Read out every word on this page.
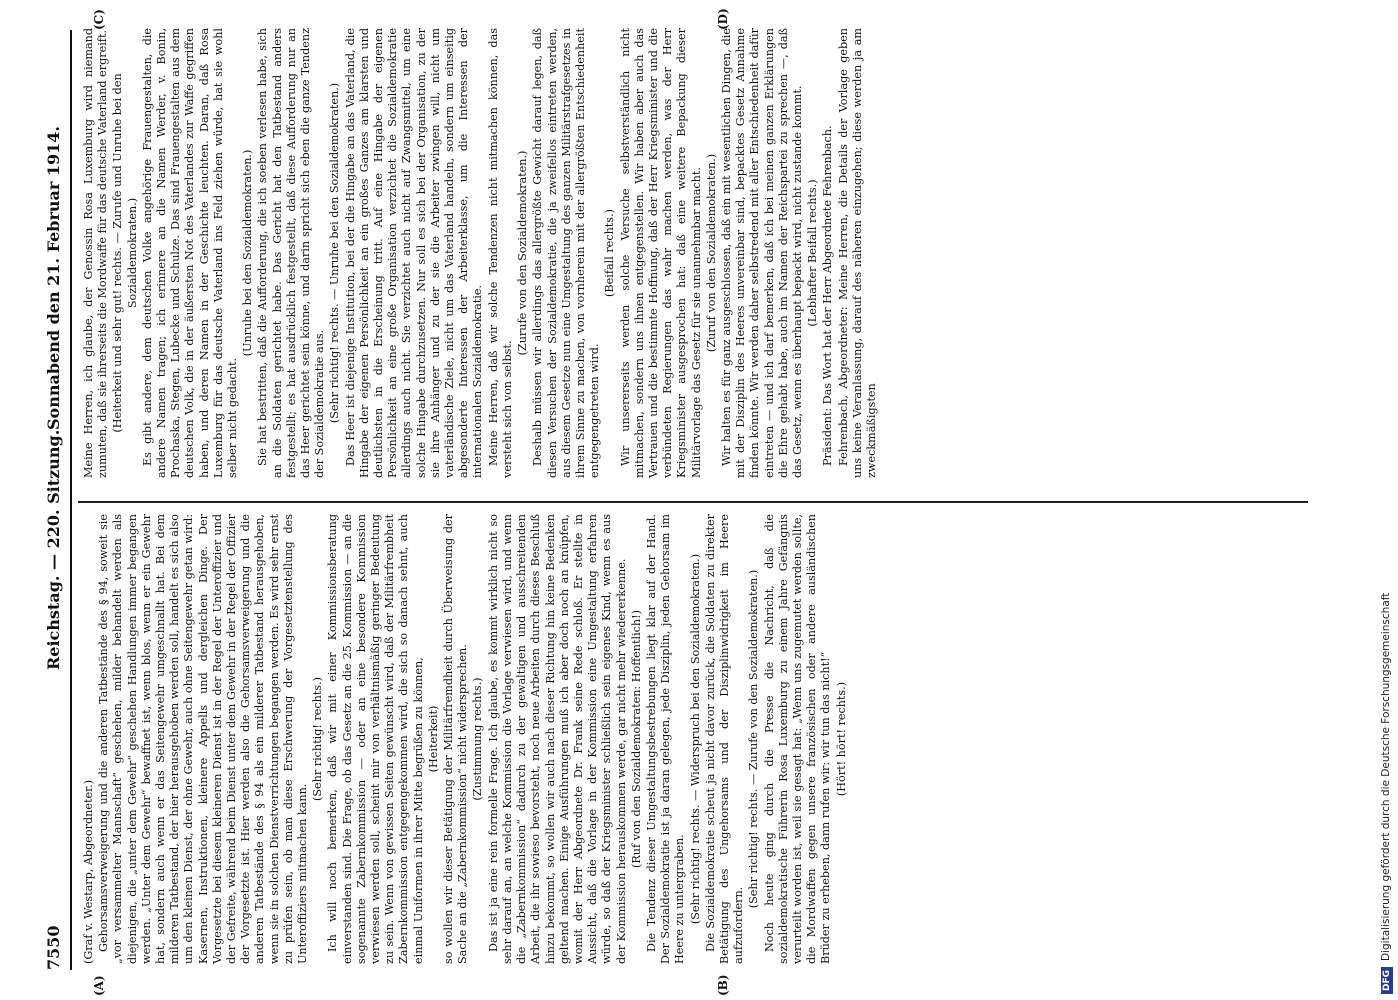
7550
Reichstag. — 220. Sitzung.
Sonnabend den 21. Februar 1914.
(A)	(B)
(C)	(D)

(Graf v. Westarp, Abgeordneter.) Gehorsamsverweigerung und die anderen Tatbestände des § 94, soweit sie „vor versammelter Mannschaft“ geschehen, milder behandelt werden als diejenigen, die „unter dem Gewehr“ geschehen Handlungen immer begangen werden. „Unter dem Gewehr“ bewaffnet ist, wenn blos, wenn er ein Gewehr hat, sondern auch wenn er das Seitengewehr umgeschnallt hat. Bei dem milderen Tatbestand, der hier herausgehoben werden soll, handelt es sich also um den kleinen Dienst, der ohne Gewehr, auch ohne Seitengewehr getan wird: Kasernen, Instruktionen, kleinere Appells und dergleichen Dinge. Der Vorgesetzte bei diesem kleineren Dienst ist in der Regel der Unteroffizier und der Gefreite, während beim Dienst unter dem Gewehr in der Regel der Offizier der Vorgesetzte ist. Hier werden also die Gehorsamsverweigerung und die anderen Tatbestände des § 94 als ein milderer Tatbestand herausgehoben, wenn sie in solchen Dienstverrichtungen begangen werden. Es wird sehr ernst zu prüfen sein, ob man diese Erschwerung der Vorgesetztenstellung des Unteroffiziers mitmachen kann.

(Sehr richtig! rechts.) Ich will noch bemerken, daß wir mit einer Kommissionsberatung einverstanden sind. Die Frage, ob das Gesetz an die 25. Kommission — an die sogenannte Zabernkommission — oder an eine besondere Kommission verwiesen werden soll, scheint mir von verhältnismäßig geringer Bedeutung zu sein. Wenn von gewissen Seiten gewünscht wird, daß der Militärfrembheit Zabernkommission entgegengekommen wird, die sich so danach sehnt, auch einmal Uniformen in ihrer Mitte begrüßen zu können, (Heiterkeit) so wollen wir dieser Betätigung der Militärfremdheit durch Überweisung der Sache an die „Zabernkommission“ nicht widersprechen. (Zustimmung rechts.) Das ist ja eine rein formelle Frage. Ich glaube, es kommt wirklich nicht so sehr darauf an, an welche Kommission die Vorlage verwiesen wird, und wenn die „Zabernkommission“ dadurch zu der gewaltigen und ausschreitenden Arbeit, die ihr sowieso bevorsteht, noch neue Arbeiten durch dieses Beschluß hinzu bekommt, so wollen wir auch nach dieser Richtung hin keine Bedenken geltend machen. Einige Ausführungen muß ich aber doch noch an knüpfen, womit der Herr Abgeordnete Dr. Frank seine Rede schloß. Er stellte in Aussicht, daß die Vorlage in der Kommission eine Umgestaltung erfahren würde, so daß der Kriegsminister schließlich sein eigenes Kind, wenn es aus der Kommission herauskommen werde, gar nicht mehr wiedererkenne. (Ruf von den Sozialdemokraten: Hoffentlich!) Die Tendenz dieser Umgestaltungsbestrebungen liegt klar auf der Hand. Der Sozialdemokratie ist ja daran gelegen, jede Disziplin, jeden Gehorsam im Heere zu untergraben. (Sehr richtig! rechts. — Widerspruch bei den Sozialdemokraten.) Die Sozialdemokratie scheut ja nicht davor zurück, die Soldaten zu direkter Betätigung des Ungehorsams und der Disziplinwidrigkeit im Heere aufzufordern.

(Sehr richtig! rechts. — Zurufe von den Sozialdemokraten.) Noch heute ging durch die Presse die Nachricht, daß die sozialdemokratische Führerin Rosa Luxemburg zu einem Jahre Gefängnis verurteilt worden ist, weil sie gesagt hat: „Wenn uns zugemutet werden sollte, die Mordwaffen gegen unsere französischen oder andere ausländischen Brüder zu erheben, dann rufen wir: wir tun das nicht!“ (Hört! hört! rechts.)

Meine Herren, ich glaube, der Genossin Rosa Luxemburg wird niemand zumuten, daß sie ihrerseits die Mordwaffe für das deutsche Vaterland ergreift. (Heiterkeit und sehr gut! rechts. — Zurufe und Unruhe bei den Sozialdemokraten.) Es gibt andere, dem deutschen Volke angehörige Frauengestalten, die andere Namen tragen; ich erinnere an die Namen Werder, v. Bonin, Prochaska, Stegen, Lubecke und Schulze. Das sind Frauengestalten aus dem deutschen Volk, die in der äußersten Not des Vaterlandes zur Waffe gegriffen haben, und deren Namen in der Geschichte leuchten. Daran, daß Rosa Luxemburg für das deutsche Vaterland ins Feld ziehen würde, hat sie wohl selber nicht gedacht.

(Unruhe bei den Sozialdemokraten.) Sie hat bestritten, daß die Aufforderung, die ich soeben verlesen habe, sich an die Soldaten gerichtet habe. Das Gericht hat den Tatbestand anders festgestellt; es hat ausdrücklich festgestellt, daß diese Aufforderung nur an das Heer gerichtet sein könne, und darin spricht sich eben die ganze Tendenz der Sozialdemokratie aus. (Sehr richtig! rechts. — Unruhe bei den Sozialdemokraten.) Das Heer ist diejenige Institution, bei der die Hingabe an das Vaterland, die Hingabe der eigenen Persönlichkeit an ein großes Ganzes am klarsten und deutlichsten in die Erscheinung tritt. Auf eine Hingabe der eigenen Persönlichkeit an eine große Organisation verzichtet die Sozialdemokratie allerdings auch nicht. Sie verzichtet auch nicht auf Zwangsmittel, um eine solche Hingabe durchzusetzen. Nur soll es sich bei der Organisation, zu der sie ihre Anhänger und zu der sie die Arbeiter zwingen will, nicht um vaterländische Ziele, nicht um das Vaterland handeln, sondern um einseitig abgesonderte Interessen der Arbeiterklasse, um die Interessen der internationalen Sozialdemokratie. Meine Herren, daß wir solche Tendenzen nicht mitmachen können, das versteht sich von selbst.

(Zurufe von den Sozialdemokraten.) Deshalb müssen wir allerdings das allergrößte Gewicht darauf legen, daß diesen Versuchen der Sozialdemokratie, die ja zweifellos eintreten werden, aus diesem Gesetze nun eine Umgestaltung des ganzen Militärstrafgesetzes in ihrem Sinne zu machen, von vornherein mit der allergrößten Entschiedenheit entgegengetreten wird.

(Beifall rechts.) Wir unsererseits werden solche Versuche selbstverständlich nicht mitmachen, sondern uns ihnen entgegenstellen. Wir haben aber auch das Vertrauen und die bestimmte Hoffnung, daß der Herr Kriegsminister und die verbündeten Regierungen das wahr machen werden, was der Herr Kriegsminister ausgesprochen hat: daß eine weitere Bepackung dieser Militärvorlage das Gesetz für sie unannehmbar macht. (Zuruf von den Sozialdemokraten.) Wir halten es für ganz ausgeschlossen, daß ein mit wesentlichen Dingen, die mit der Disziplin des Heeres unvereinbar sind, bepacktes Gesetz Annahme finden könnte. Wir werden daher selbstredend mit aller Entschiedenheit dafür eintreten — und ich darf bemerken, daß ich bei meinen ganzen Erklärungen die Ehre gehabt habe, auch im Namen der Reichspartei zu sprechen —, daß das Gesetz, wenn es überhaupt bepackt wird, nicht zustande kommt. (Lebhafter Beifall rechts.) Präsident: Das Wort hat der Herr Abgeordnete Fehrenbach. Fehrenbach, Abgeordneter: Meine Herren, die Details der Vorlage geben uns keine Veranlassung, darauf des näheren einzugehen; diese werden ja am zweckmäßigsten

DFGDigitalisierung gefördert durch die Deutsche Forschungsgemeinschaft
